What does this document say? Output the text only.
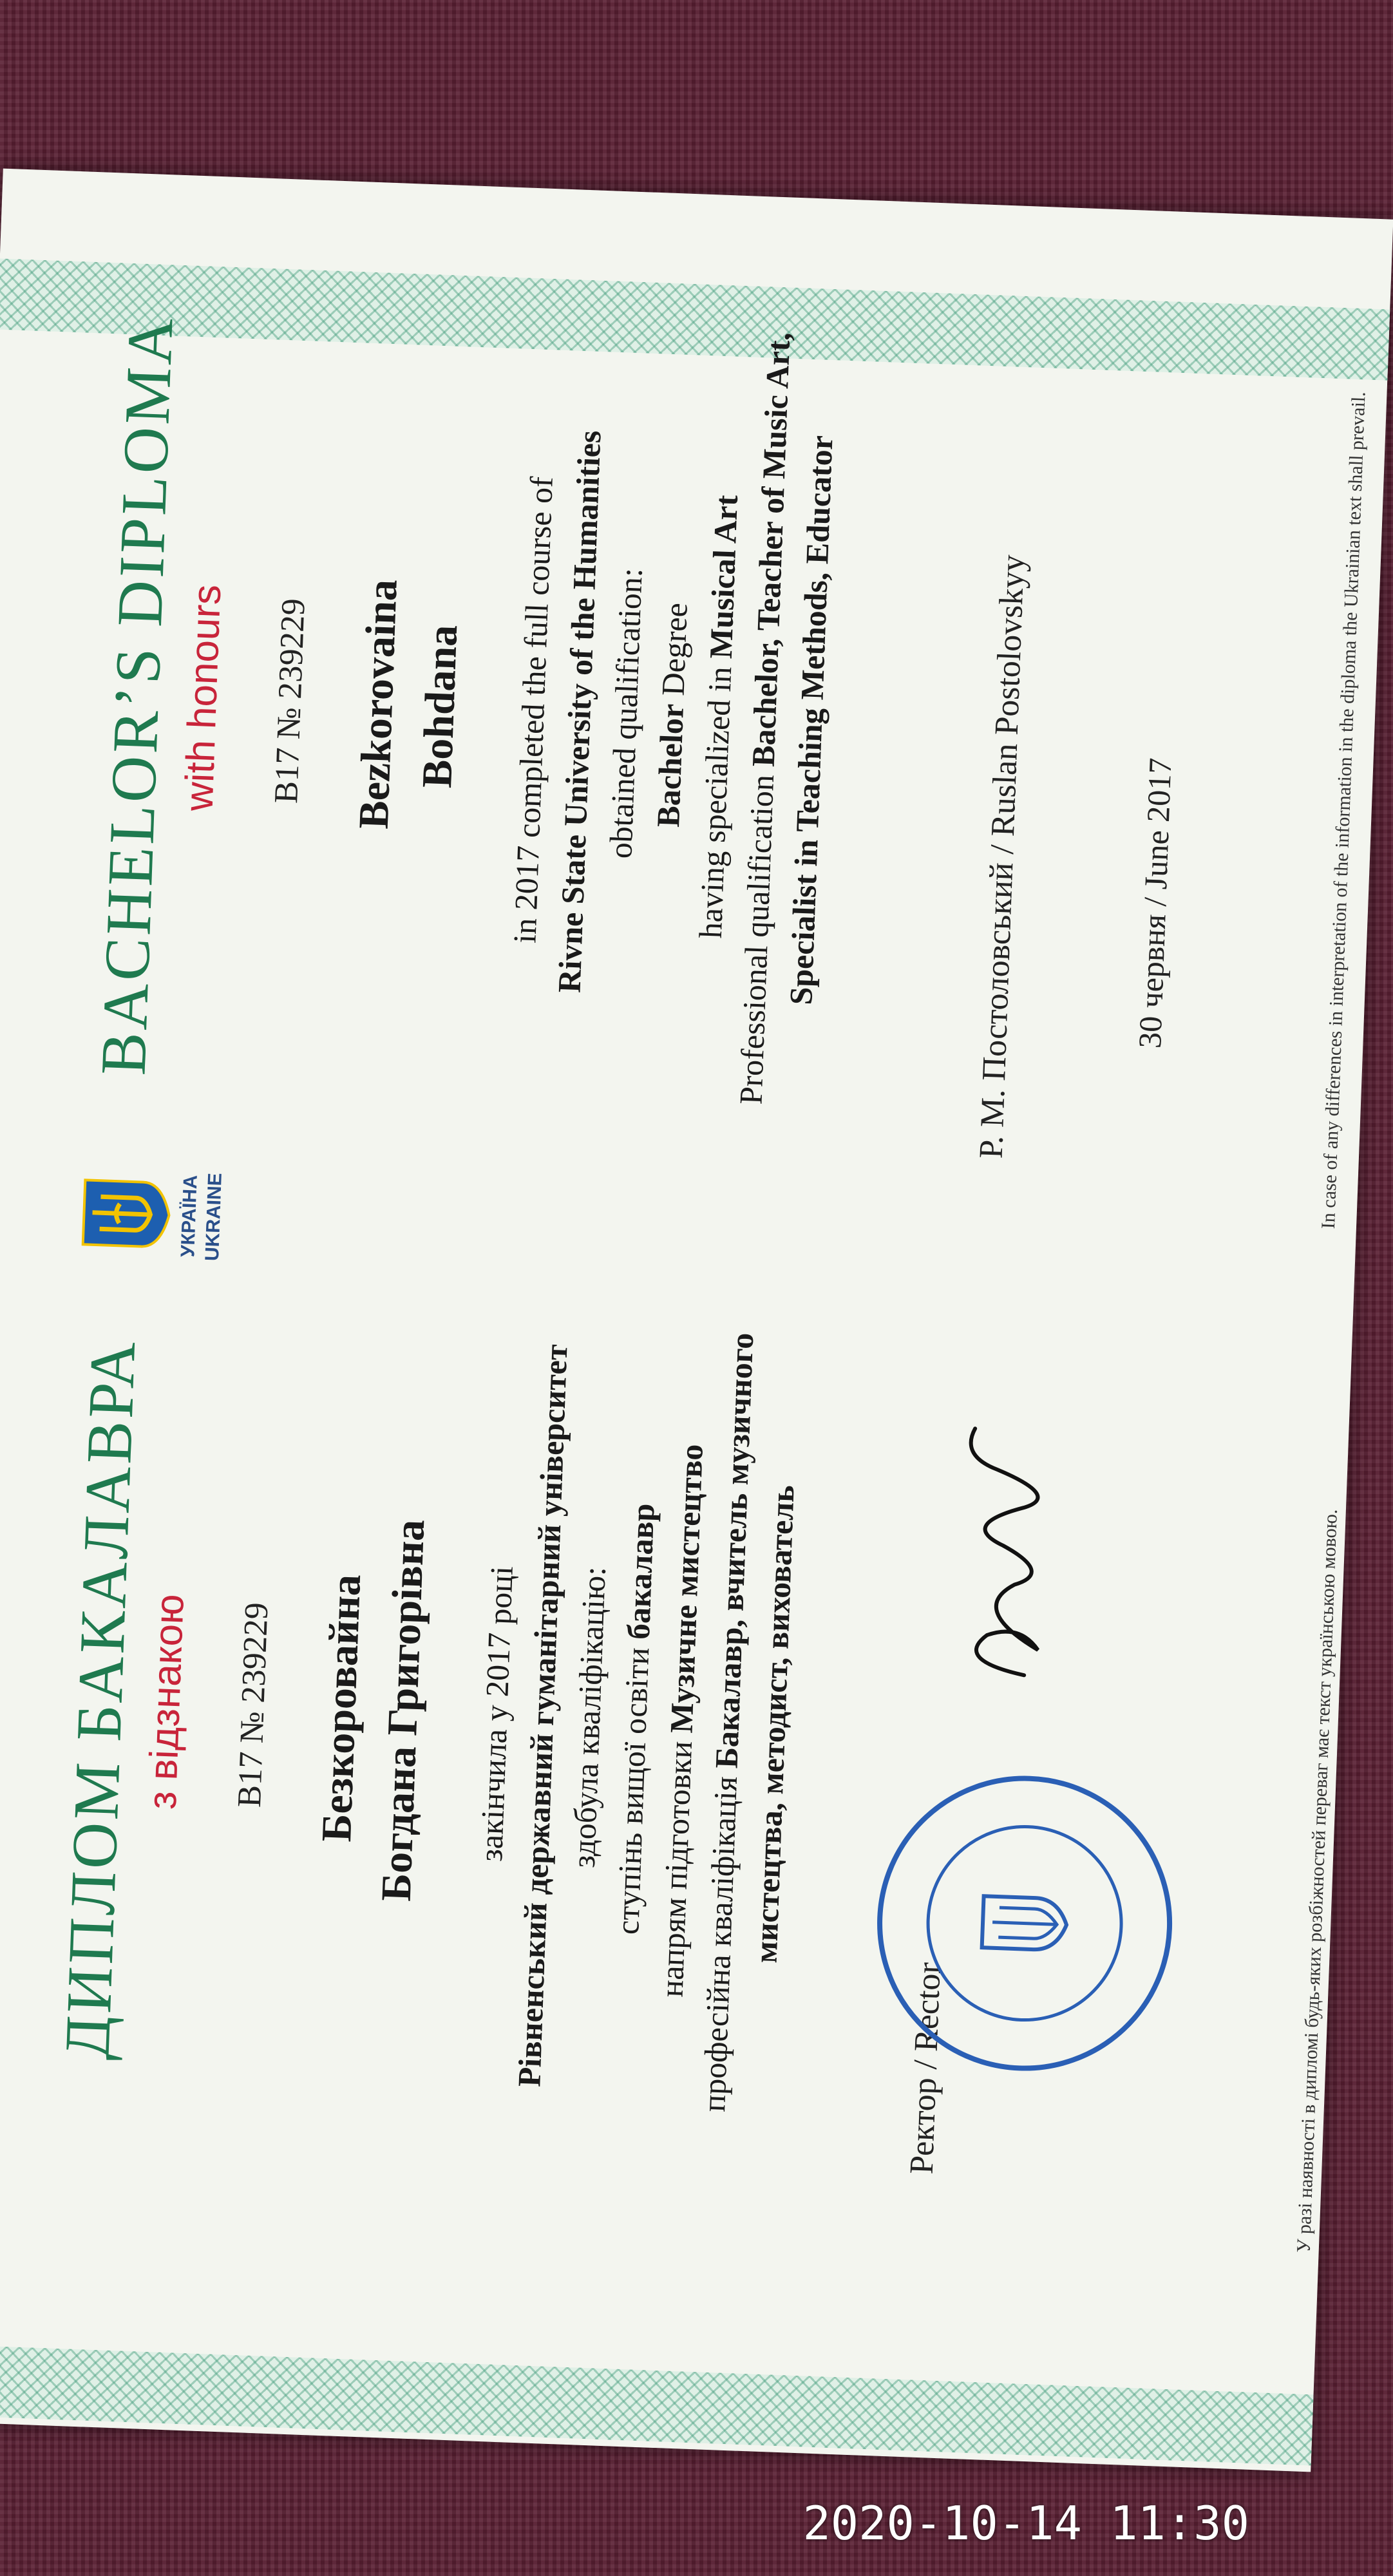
ДИПЛОМ БАКАЛАВРА
з відзнакою	B17 № 239229 Безкоровайна Богдана Григорівна	закінчила у 2017 році
Рівненський державний гуманітарний університет
здобула кваліфікацію:
ступінь вищої освіти бакалавр
напрям підготовки Музичне мистецтво
професійна кваліфікація Бакалавр, вчитель музичного
мистецтва, методист, вихователь
УКРАЇНА UKRAINE
BACHELOR’S DIPLOMA
with honours	B17 № 239229 Bezkorovaina Bohdana	in 2017 completed the full course of
Rivne State University of the Humanities
obtained qualification: Bachelor Degree
having specialized in Musical Art
Professional qualification Bachelor, Teacher of Music Art,
Specialist in Teaching Methods, Educator
Ректор / Rector
Р. М. Постоловський / Ruslan Postolovskyy	30 червня / June 2017
У разі наявності в дипломі будь-яких розбіжностей переваг має текст українською мовою.
In case of any differences in interpretation of the information in the diploma the Ukrainian text shall prevail.
2020-10-14 11:30
